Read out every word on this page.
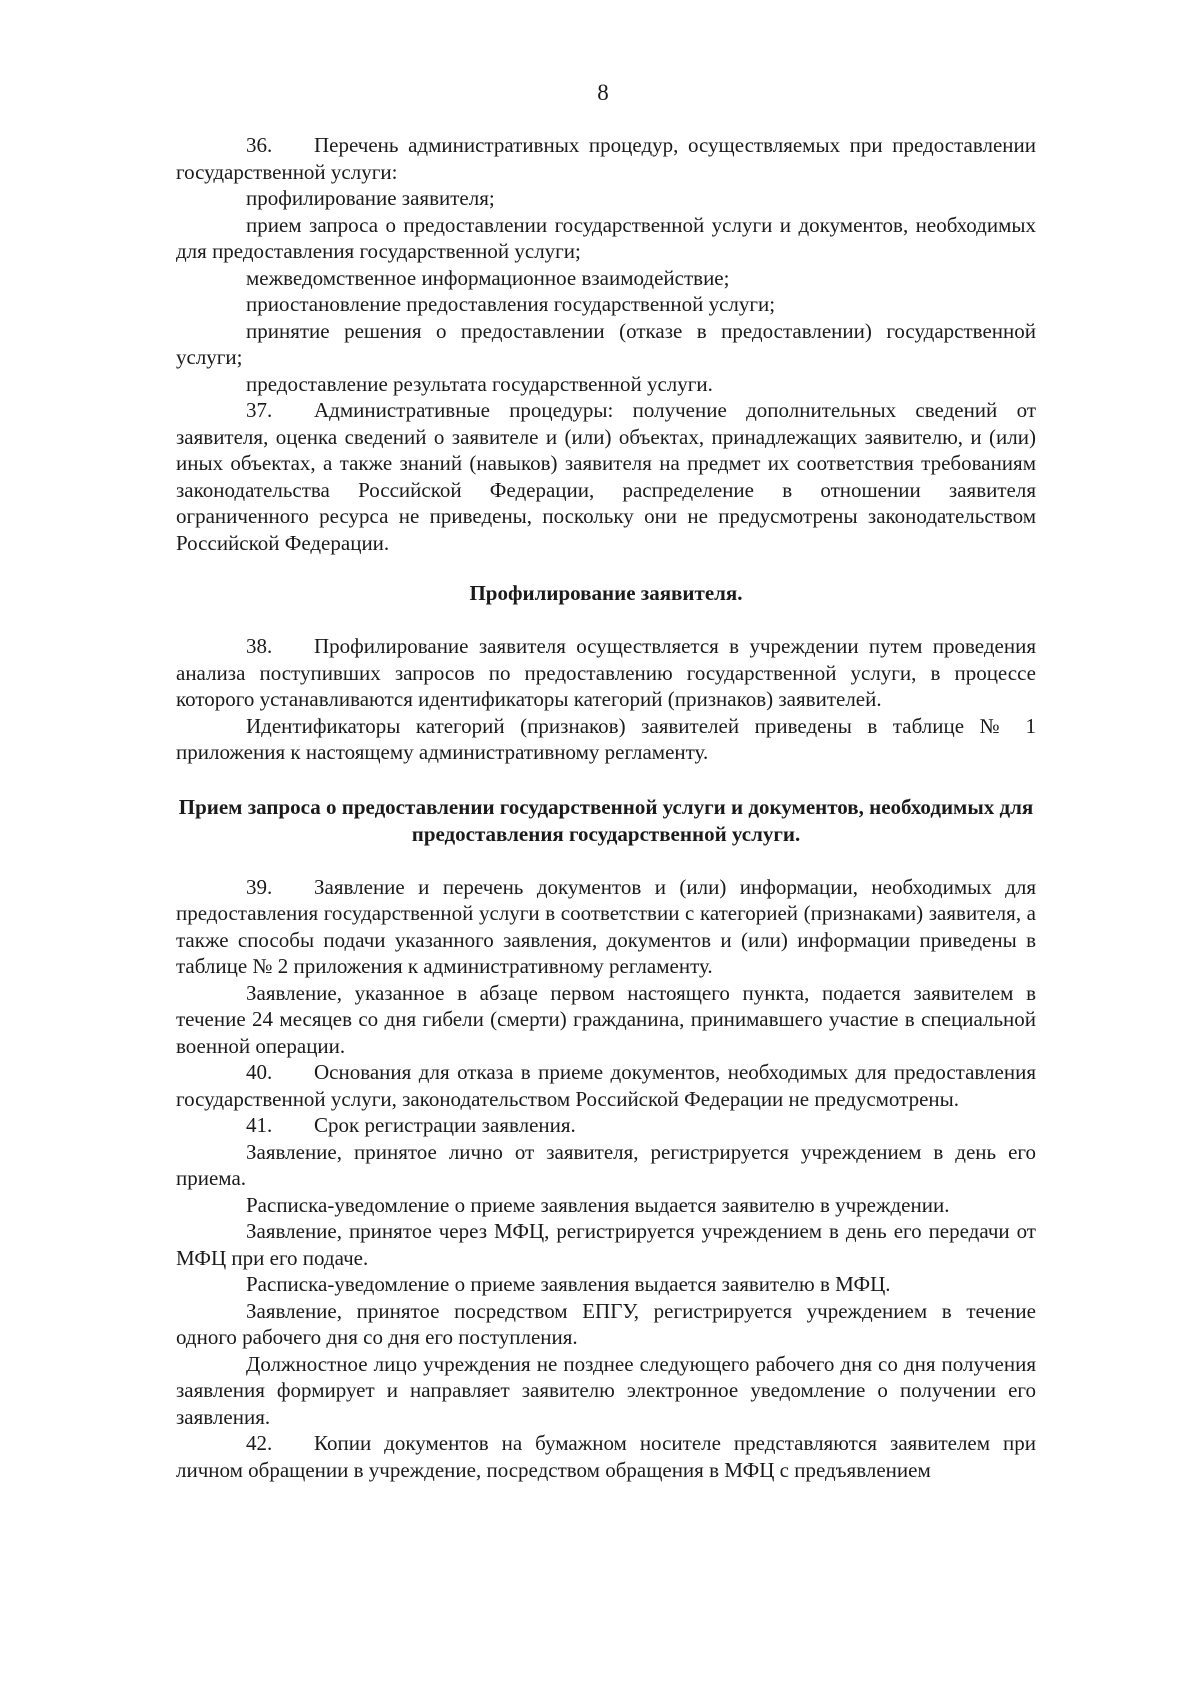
8

36. Перечень административных процедур, осуществляемых при предоставлении государственной услуги:

профилирование заявителя;

прием запроса о предоставлении государственной услуги и документов, необходимых для предоставления государственной услуги;

межведомственное информационное взаимодействие;

приостановление предоставления государственной услуги;

принятие решения о предоставлении (отказе в предоставлении) государственной услуги;

предоставление результата государственной услуги.

37. Административные процедуры: получение дополнительных сведений от заявителя, оценка сведений о заявителе и (или) объектах, принадлежащих заявителю, и (или) иных объектах, а также знаний (навыков) заявителя на предмет их соответствия требованиям законодательства Российской Федерации, распределение в отношении заявителя ограниченного ресурса не приведены, поскольку они не предусмотрены законодательством Российской Федерации.

Профилирование заявителя.

38. Профилирование заявителя осуществляется в учреждении путем проведения анализа поступивших запросов по предоставлению государственной услуги, в процессе которого устанавливаются идентификаторы категорий (признаков) заявителей.

Идентификаторы категорий (признаков) заявителей приведены в таблице № 1 приложения к настоящему административному регламенту.

Прием запроса о предоставлении государственной услуги и документов, необходимых для предоставления государственной услуги.

39. Заявление и перечень документов и (или) информации, необходимых для предоставления государственной услуги в соответствии с категорией (признаками) заявителя, а также способы подачи указанного заявления, документов и (или) информации приведены в таблице № 2 приложения к административному регламенту.

Заявление, указанное в абзаце первом настоящего пункта, подается заявителем в течение 24 месяцев со дня гибели (смерти) гражданина, принимавшего участие в специальной военной операции.

40. Основания для отказа в приеме документов, необходимых для предоставления государственной услуги, законодательством Российской Федерации не предусмотрены.

41. Срок регистрации заявления.

Заявление, принятое лично от заявителя, регистрируется учреждением в день его приема.

Расписка-уведомление о приеме заявления выдается заявителю в учреждении.

Заявление, принятое через МФЦ, регистрируется учреждением в день его передачи от МФЦ при его подаче.

Расписка-уведомление о приеме заявления выдается заявителю в МФЦ.

Заявление, принятое посредством ЕПГУ, регистрируется учреждением в течение одного рабочего дня со дня его поступления.

Должностное лицо учреждения не позднее следующего рабочего дня со дня получения заявления формирует и направляет заявителю электронное уведомление о получении его заявления.

42. Копии документов на бумажном носителе представляются заявителем при личном обращении в учреждение, посредством обращения в МФЦ с предъявлением
